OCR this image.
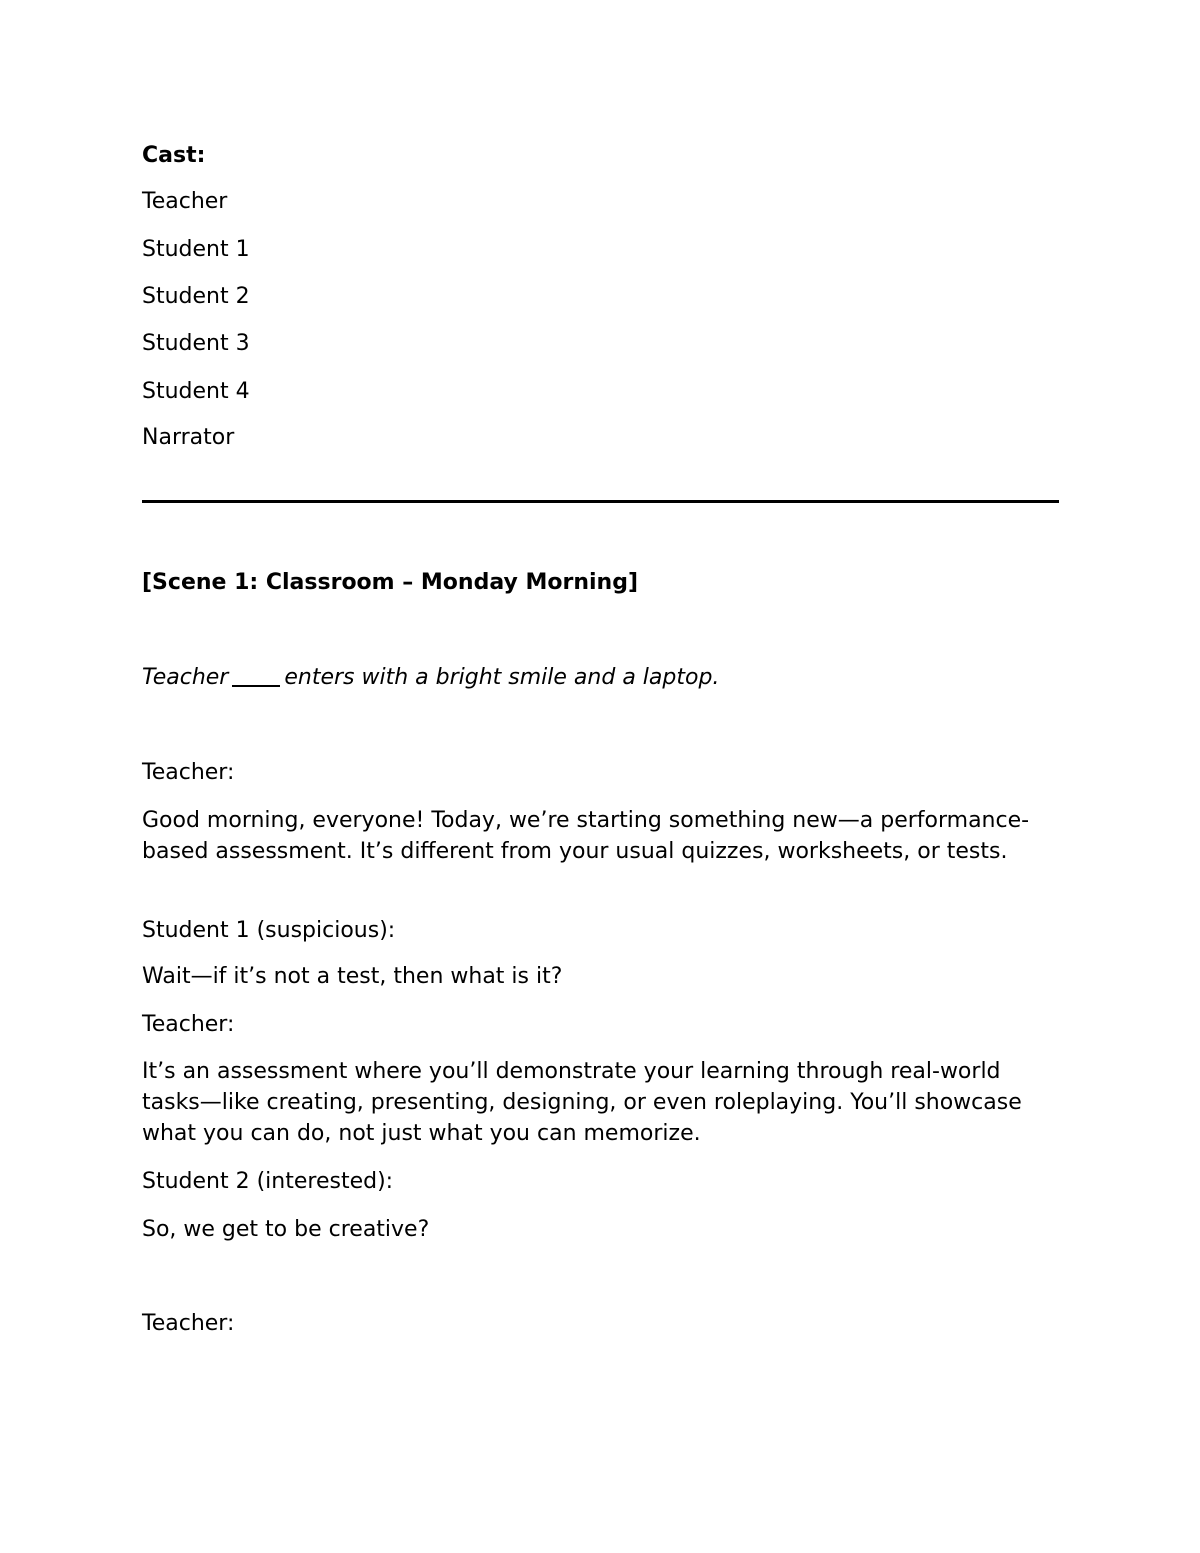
Cast:

Teacher

Student 1

Student 2

Student 3

Student 4

Narrator

[Scene 1: Classroom – Monday Morning]

Teacher	enters with a bright smile and a laptop.

Teacher:

Good morning, everyone! Today, we’re starting something new—a performance-based assessment. It’s different from your usual quizzes, worksheets, or tests.

Student 1 (suspicious):

Wait—if it’s not a test, then what is it?

Teacher:

It’s an assessment where you’ll demonstrate your learning through real-world tasks—like creating, presenting, designing, or even roleplaying. You’ll showcase what you can do, not just what you can memorize.

Student 2 (interested):

So, we get to be creative?

Teacher:
